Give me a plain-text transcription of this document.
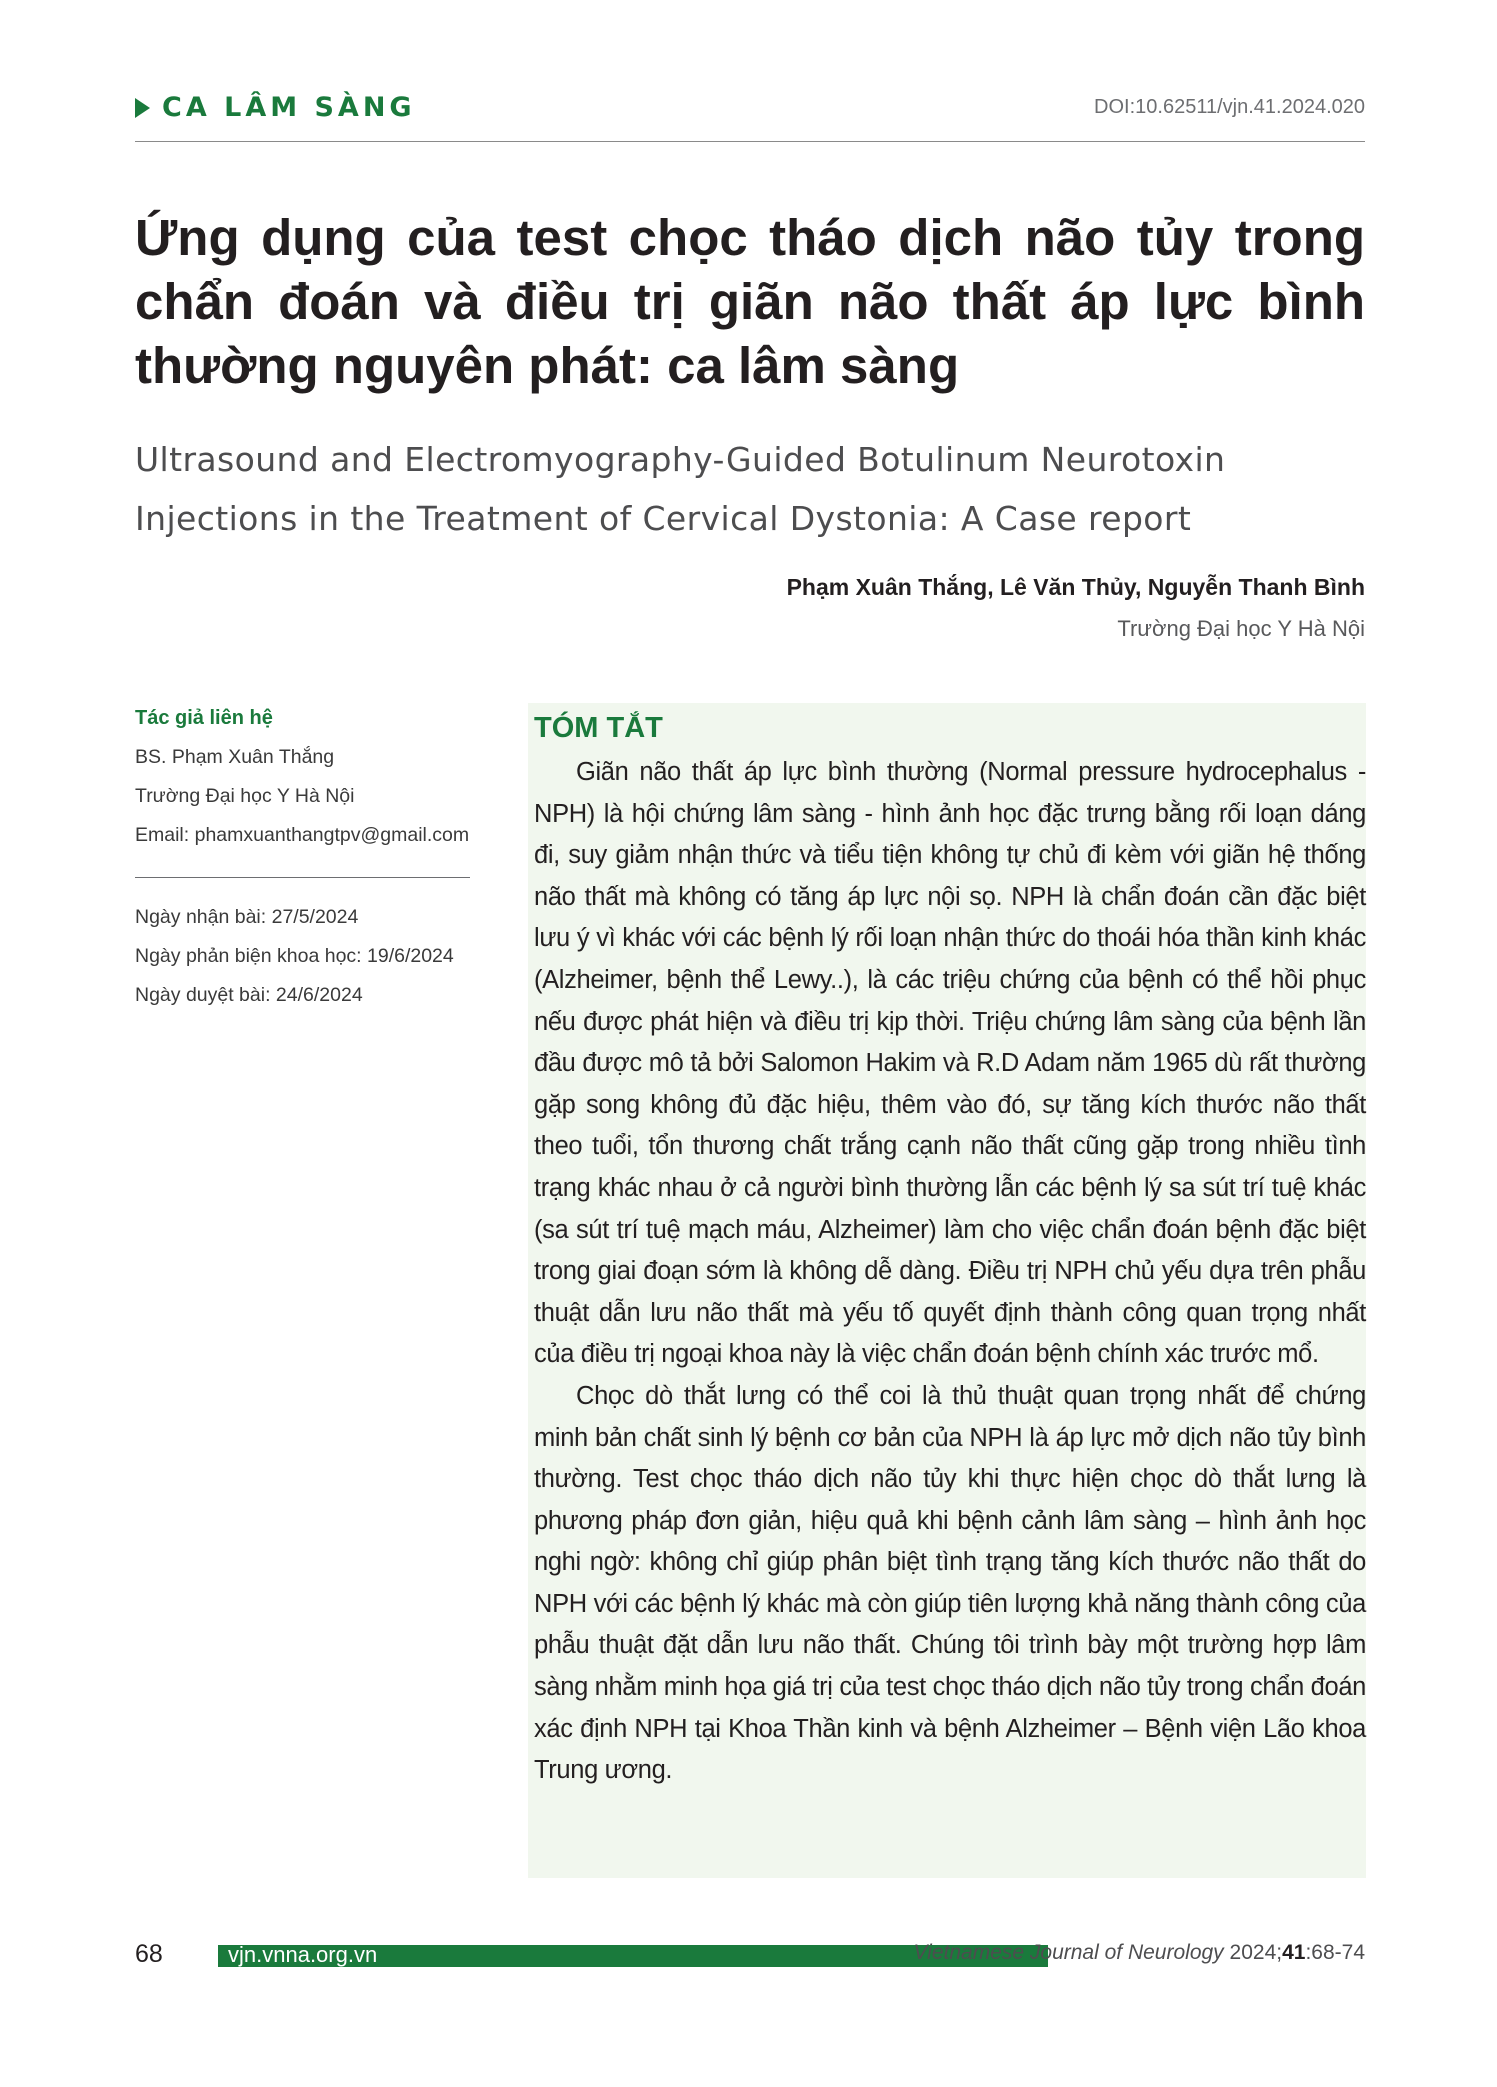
CA LÂM SÀNG	DOI:10.62511/vjn.41.2024.020
Ứng dụng của test chọc tháo dịch não tủy trong chẩn đoán và điều trị giãn não thất áp lực bình thường nguyên phát: ca lâm sàng
Ultrasound and Electromyography-Guided Botulinum Neurotoxin Injections in the Treatment of Cervical Dystonia: A Case report
Phạm Xuân Thắng, Lê Văn Thủy, Nguyễn Thanh Bình
Trường Đại học Y Hà Nội
Tác giả liên hệ

BS. Phạm Xuân Thắng

Trường Đại học Y Hà Nội

Email: phamxuanthangtpv@gmail.com

Ngày nhận bài: 27/5/2024

Ngày phản biện khoa học: 19/6/2024

Ngày duyệt bài: 24/6/2024

TÓM TẮT

Giãn não thất áp lực bình thường (Normal pressure hydrocephalus - NPH) là hội chứng lâm sàng - hình ảnh học đặc trưng bằng rối loạn dáng đi, suy giảm nhận thức và tiểu tiện không tự chủ đi kèm với giãn hệ thống não thất mà không có tăng áp lực nội sọ. NPH là chẩn đoán cần đặc biệt lưu ý vì khác với các bệnh lý rối loạn nhận thức do thoái hóa thần kinh khác (Alzheimer, bệnh thể Lewy..), là các triệu chứng của bệnh có thể hồi phục nếu được phát hiện và điều trị kịp thời. Triệu chứng lâm sàng của bệnh lần đầu được mô tả bởi Salomon Hakim và R.D Adam năm 1965 dù rất thường gặp song không đủ đặc hiệu, thêm vào đó, sự tăng kích thước não thất theo tuổi, tổn thương chất trắng cạnh não thất cũng gặp trong nhiều tình trạng khác nhau ở cả người bình thường lẫn các bệnh lý sa sút trí tuệ khác (sa sút trí tuệ mạch máu, Alzheimer) làm cho việc chẩn đoán bệnh đặc biệt trong giai đoạn sớm là không dễ dàng. Điều trị NPH chủ yếu dựa trên phẫu thuật dẫn lưu não thất mà yếu tố quyết định thành công quan trọng nhất của điều trị ngoại khoa này là việc chẩn đoán bệnh chính xác trước mổ.

Chọc dò thắt lưng có thể coi là thủ thuật quan trọng nhất để chứng minh bản chất sinh lý bệnh cơ bản của NPH là áp lực mở dịch não tủy bình thường. Test chọc tháo dịch não tủy khi thực hiện chọc dò thắt lưng là phương pháp đơn giản, hiệu quả khi bệnh cảnh lâm sàng – hình ảnh học nghi ngờ: không chỉ giúp phân biệt tình trạng tăng kích thước não thất do NPH với các bệnh lý khác mà còn giúp tiên lượng khả năng thành công của phẫu thuật đặt dẫn lưu não thất. Chúng tôi trình bày một trường hợp lâm sàng nhằm minh họa giá trị của test chọc tháo dịch não tủy trong chẩn đoán xác định NPH tại Khoa Thần kinh và bệnh Alzheimer – Bệnh viện Lão khoa Trung ương.

68	vjn.vnna.org.vn	Vietnamese Journal of Neurology 2024;41:68-74
